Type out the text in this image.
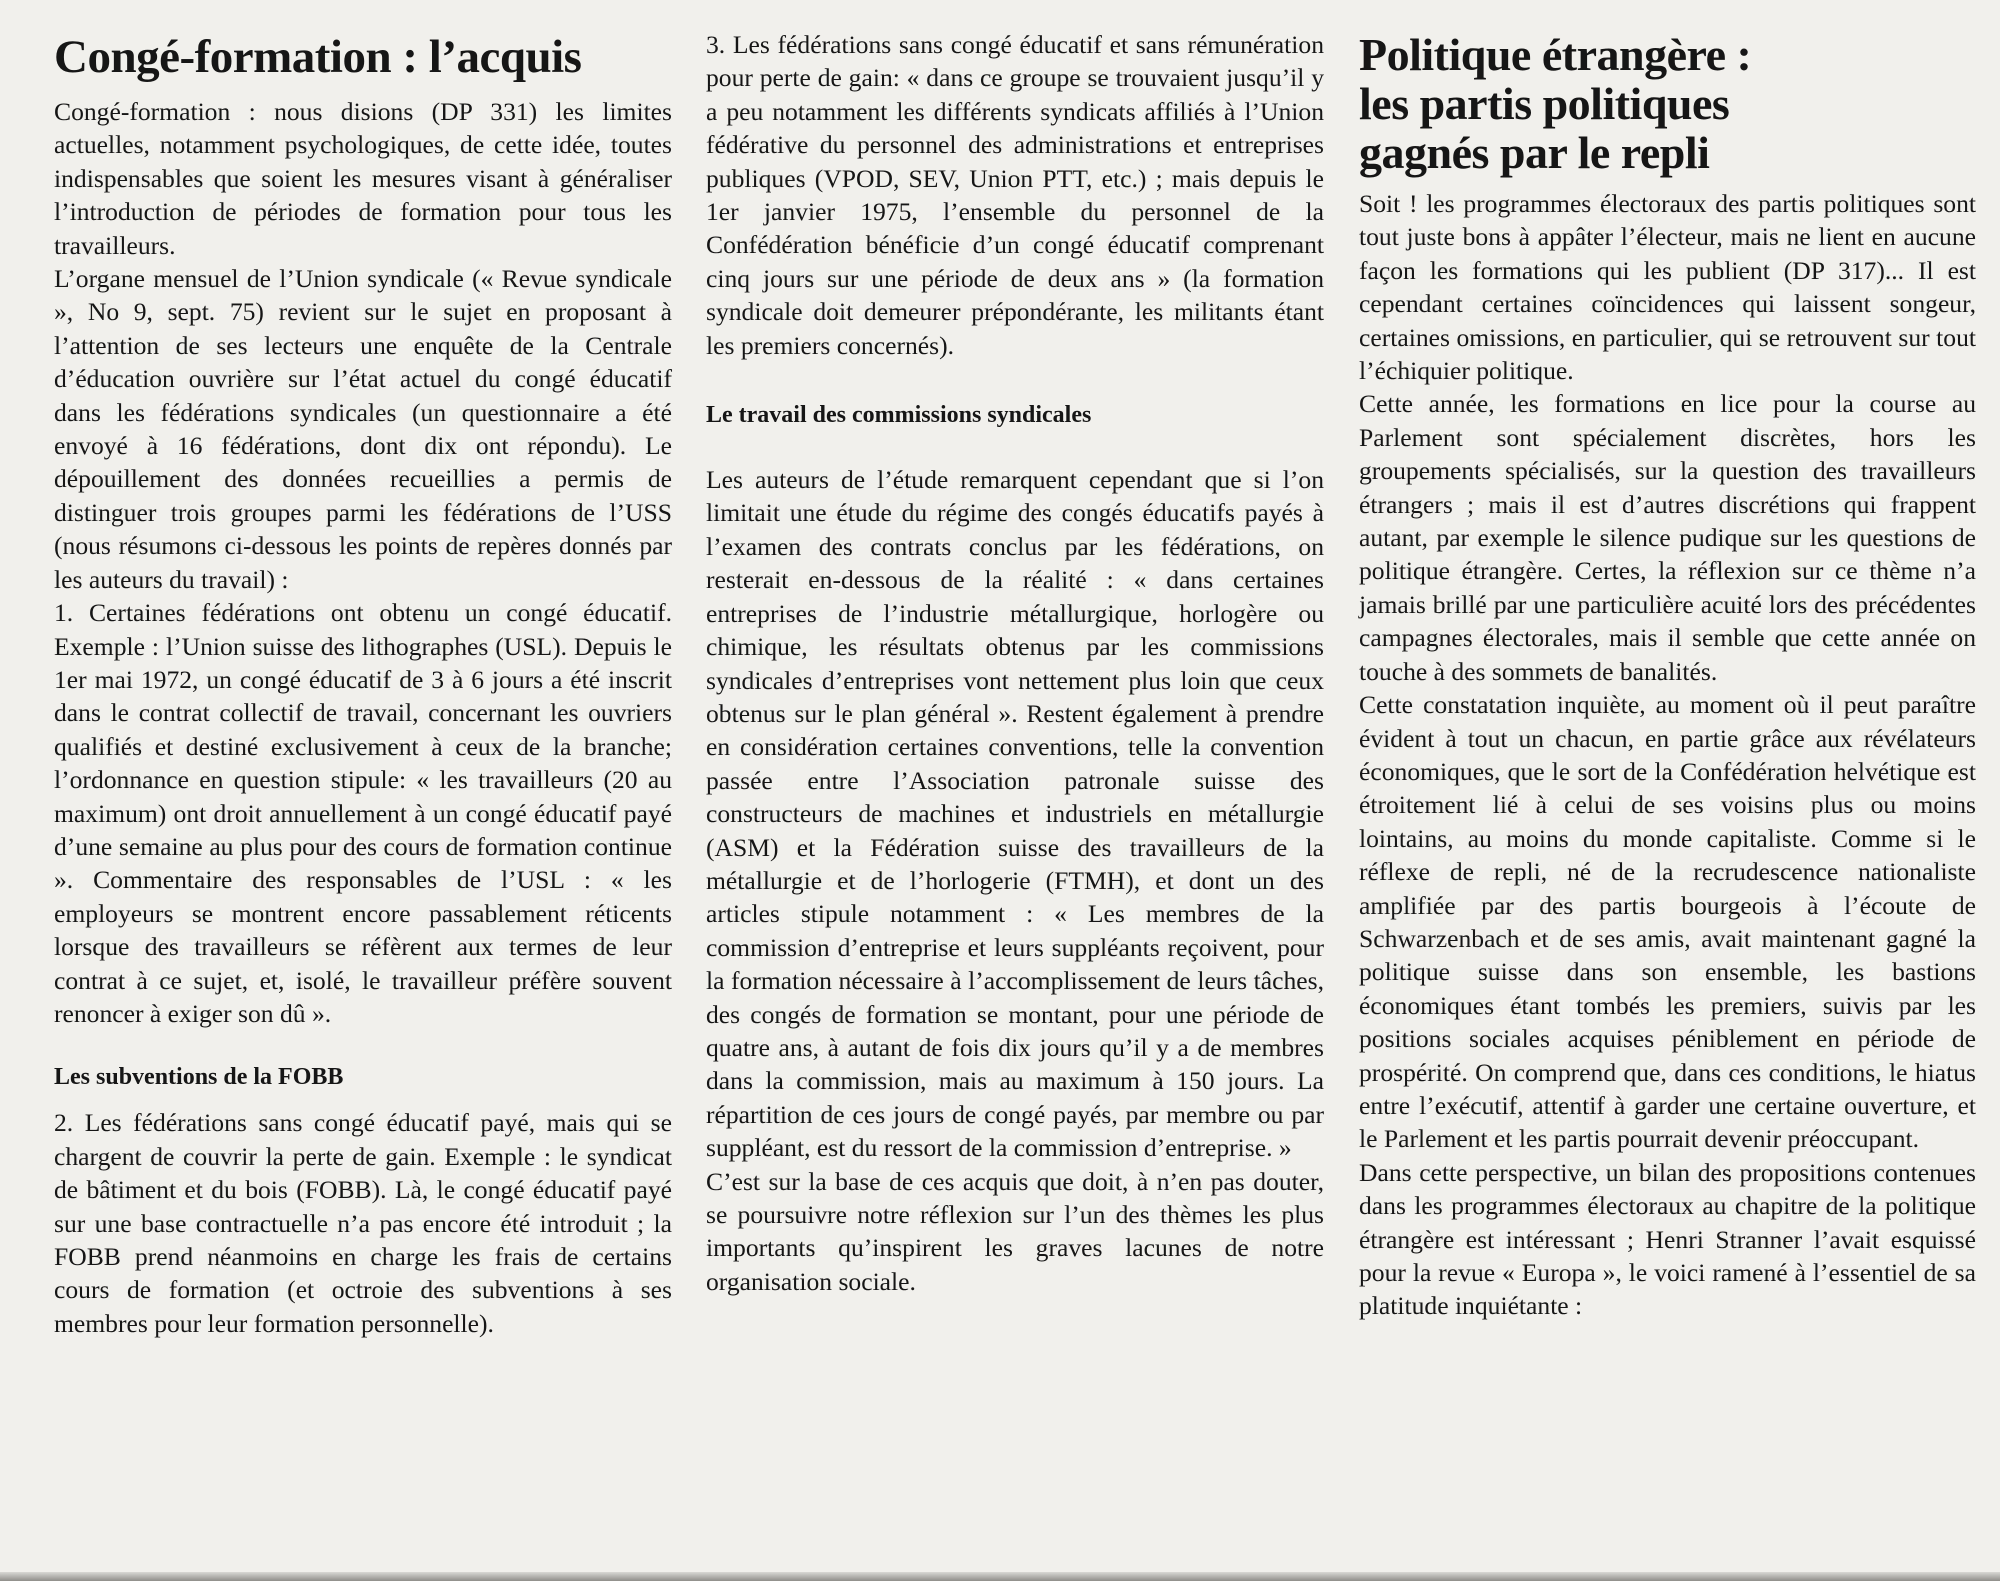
Congé-formation : l’acquis

Congé-formation : nous disions (DP 331) les limites actuelles, notamment psychologiques, de cette idée, toutes indispensables que soient les mesures visant à généraliser l’introduction de périodes de formation pour tous les travailleurs.

L’organe mensuel de l’Union syndicale (« Revue syndicale », No 9, sept. 75) revient sur le sujet en proposant à l’attention de ses lecteurs une enquête de la Centrale d’éducation ouvrière sur l’état actuel du congé éducatif dans les fédérations syndicales (un questionnaire a été envoyé à 16 fédérations, dont dix ont répondu). Le dépouillement des données recueillies a permis de distinguer trois groupes parmi les fédérations de l’USS (nous résumons ci-dessous les points de repères donnés par les auteurs du travail) :

1. Certaines fédérations ont obtenu un congé éducatif. Exemple : l’Union suisse des lithographes (USL). Depuis le 1er mai 1972, un congé éducatif de 3 à 6 jours a été inscrit dans le contrat collectif de travail, concernant les ouvriers qualifiés et destiné exclusivement à ceux de la branche; l’ordonnance en question stipule: « les travailleurs (20 au maximum) ont droit annuellement à un congé éducatif payé d’une semaine au plus pour des cours de formation continue ». Commentaire des responsables de l’USL : « les employeurs se montrent encore passablement réticents lorsque des travailleurs se réfèrent aux termes de leur contrat à ce sujet, et, isolé, le travailleur préfère souvent renoncer à exiger son dû ».

Les subventions de la FOBB

2. Les fédérations sans congé éducatif payé, mais qui se chargent de couvrir la perte de gain. Exemple : le syndicat de bâtiment et du bois (FOBB). Là, le congé éducatif payé sur une base contractuelle n’a pas encore été introduit ; la FOBB prend néanmoins en charge les frais de certains cours de formation (et octroie des subventions à ses membres pour leur formation personnelle).

3. Les fédérations sans congé éducatif et sans rémunération pour perte de gain: « dans ce groupe se trouvaient jusqu’il y a peu notamment les différents syndicats affiliés à l’Union fédérative du personnel des administrations et entreprises publiques (VPOD, SEV, Union PTT, etc.) ; mais depuis le 1er janvier 1975, l’ensemble du personnel de la Confédération bénéficie d’un congé éducatif comprenant cinq jours sur une période de deux ans » (la formation syndicale doit demeurer prépondérante, les militants étant les premiers concernés).

Le travail des commissions syndicales

Les auteurs de l’étude remarquent cependant que si l’on limitait une étude du régime des congés éducatifs payés à l’examen des contrats conclus par les fédérations, on resterait en-dessous de la réalité : « dans certaines entreprises de l’industrie métallurgique, horlogère ou chimique, les résultats obtenus par les commissions syndicales d’entreprises vont nettement plus loin que ceux obtenus sur le plan général ». Restent également à prendre en considération certaines conventions, telle la convention passée entre l’Association patronale suisse des constructeurs de machines et industriels en métallurgie (ASM) et la Fédération suisse des travailleurs de la métallurgie et de l’horlogerie (FTMH), et dont un des articles stipule notamment : « Les membres de la commission d’entreprise et leurs suppléants reçoivent, pour la formation nécessaire à l’accomplissement de leurs tâches, des congés de formation se montant, pour une période de quatre ans, à autant de fois dix jours qu’il y a de membres dans la commission, mais au maximum à 150 jours. La répartition de ces jours de congé payés, par membre ou par suppléant, est du ressort de la commission d’entreprise. »

C’est sur la base de ces acquis que doit, à n’en pas douter, se poursuivre notre réflexion sur l’un des thèmes les plus importants qu’inspirent les graves lacunes de notre organisation sociale.

Politique étrangère :
les partis politiques
gagnés par le repli

Soit ! les programmes électoraux des partis politiques sont tout juste bons à appâter l’électeur, mais ne lient en aucune façon les formations qui les publient (DP 317)... Il est cependant certaines coïncidences qui laissent songeur, certaines omissions, en particulier, qui se retrouvent sur tout l’échiquier politique.

Cette année, les formations en lice pour la course au Parlement sont spécialement discrètes, hors les groupements spécialisés, sur la question des travailleurs étrangers ; mais il est d’autres discrétions qui frappent autant, par exemple le silence pudique sur les questions de politique étrangère. Certes, la réflexion sur ce thème n’a jamais brillé par une particulière acuité lors des précédentes campagnes électorales, mais il semble que cette année on touche à des sommets de banalités.

Cette constatation inquiète, au moment où il peut paraître évident à tout un chacun, en partie grâce aux révélateurs économiques, que le sort de la Confédération helvétique est étroitement lié à celui de ses voisins plus ou moins lointains, au moins du monde capitaliste. Comme si le réflexe de repli, né de la recrudescence nationaliste amplifiée par des partis bourgeois à l’écoute de Schwarzenbach et de ses amis, avait maintenant gagné la politique suisse dans son ensemble, les bastions économiques étant tombés les premiers, suivis par les positions sociales acquises péniblement en période de prospérité. On comprend que, dans ces conditions, le hiatus entre l’exécutif, attentif à garder une certaine ouverture, et le Parlement et les partis pourrait devenir préoccupant.

Dans cette perspective, un bilan des propositions contenues dans les programmes électoraux au chapitre de la politique étrangère est intéressant ; Henri Stranner l’avait esquissé pour la revue « Europa », le voici ramené à l’essentiel de sa platitude inquiétante :
